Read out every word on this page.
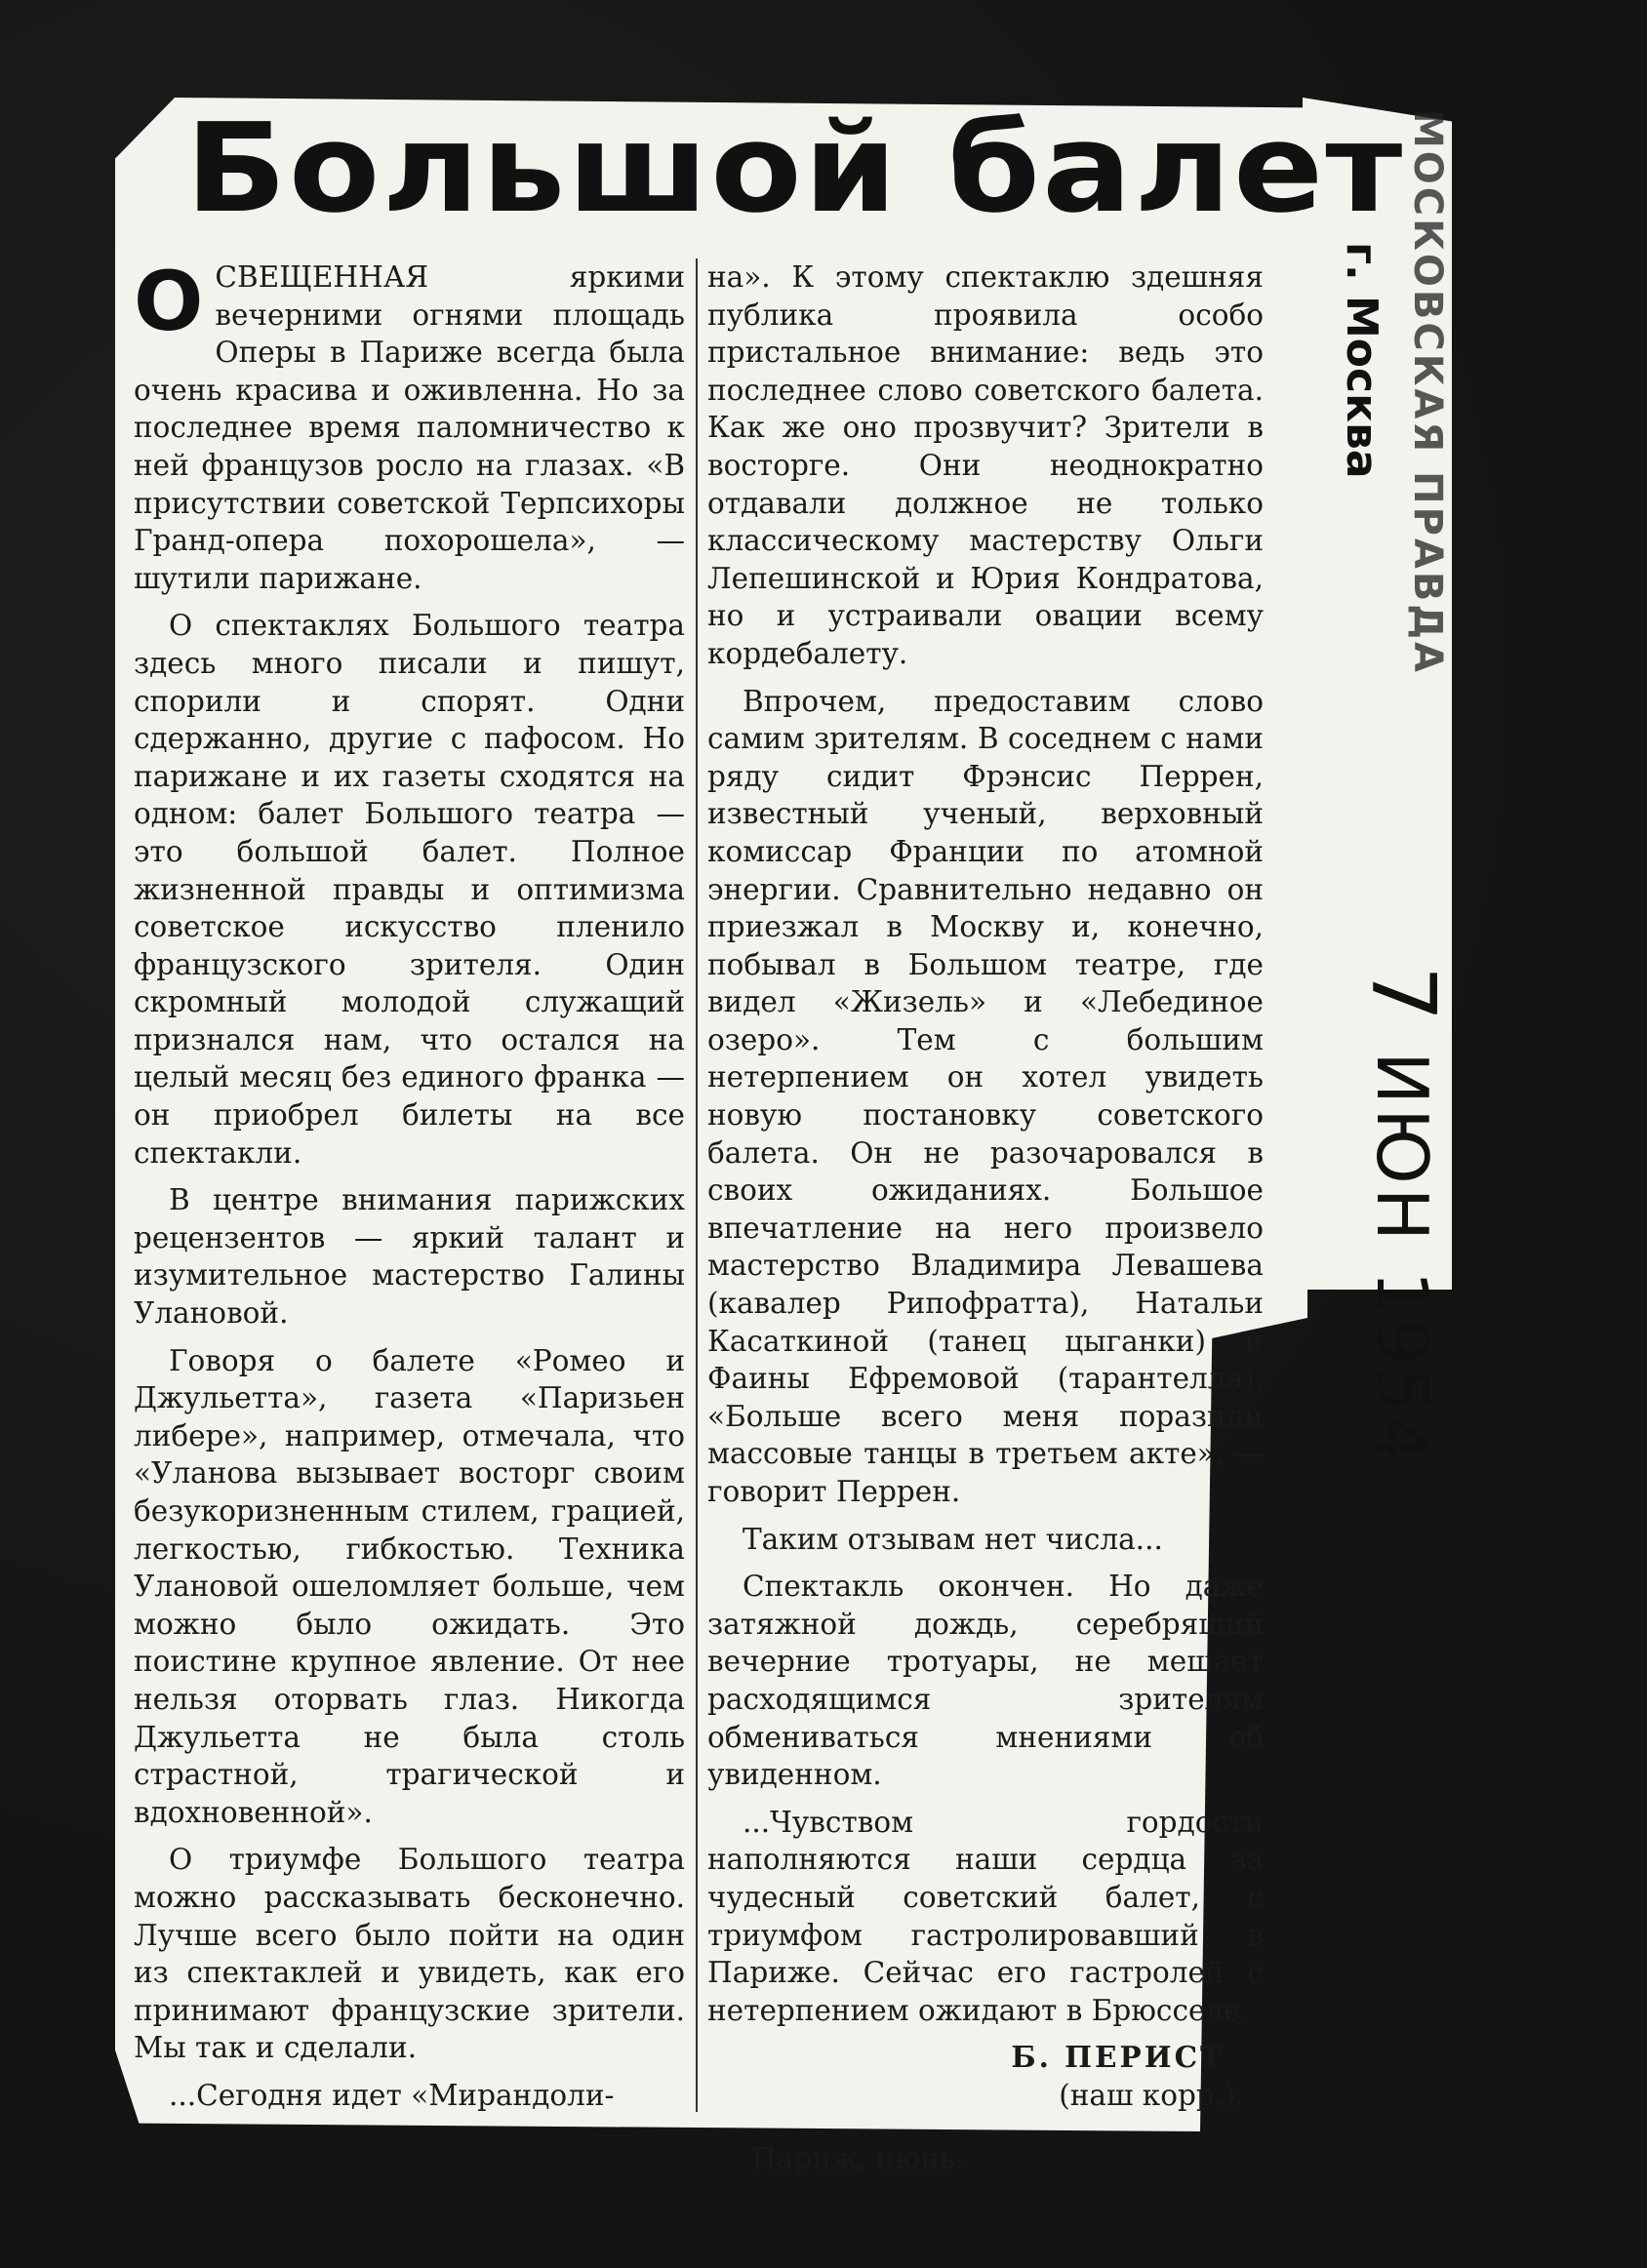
Большой балет МОСКОВСКАЯ ПРАВДА
г. Москва
7 ИЮН 1954

ОСВЕЩЕННАЯ яркими вечерними огнями площадь Оперы в Париже всегда была очень красива и оживленна. Но за последнее время паломничество к ней французов росло на глазах. «В присутствии советской Терпсихоры Гранд-опера похорошела», — шутили парижане.

О спектаклях Большого театра здесь много писали и пишут, спорили и спорят. Одни сдержанно, другие с пафосом. Но парижане и их газеты сходятся на одном: балет Большого театра — это большой балет. Полное жизненной правды и оптимизма советское искусство пленило французского зрителя. Один скромный молодой служащий признался нам, что остался на целый месяц без единого франка — он приобрел билеты на все спектакли.

В центре внимания парижских рецензентов — яркий талант и изумительное мастерство Галины Улановой.

Говоря о балете «Ромео и Джульетта», газета «Паризьен либере», например, отмечала, что «Уланова вызывает восторг своим безукоризненным стилем, грацией, легкостью, гибкостью. Техника Улановой ошеломляет больше, чем можно было ожидать. Это поистине крупное явление. От нее нельзя оторвать глаз. Никогда Джульетта не была столь страстной, трагической и вдохновенной».

О триумфе Большого театра можно рассказывать бесконечно. Лучше всего было пойти на один из спектаклей и увидеть, как его принимают французские зрители. Мы так и сделали.

...Сегодня идет «Мирандоли-

на». К этому спектаклю здешняя публика проявила особо пристальное внимание: ведь это последнее слово советского балета. Как же оно прозвучит? Зрители в восторге. Они неоднократно отдавали должное не только классическому мастерству Ольги Лепешинской и Юрия Кондратова, но и устраивали овации всему кордебалету.

Впрочем, предоставим слово самим зрителям. В соседнем с нами ряду сидит Фрэнсис Перрен, известный ученый, верховный комиссар Франции по атомной энергии. Сравнительно недавно он приезжал в Москву и, конечно, побывал в Большом театре, где видел «Жизель» и «Лебединое озеро». Тем с большим нетерпением он хотел увидеть новую постановку советского балета. Он не разочаровался в своих ожиданиях. Большое впечатление на него произвело мастерство Владимира Левашева (кавалер Рипофратта), Натальи Касаткиной (танец цыганки) и Фаины Ефремовой (тарантелла). «Больше всего меня поразили массовые танцы в третьем акте», — говорит Перрен.

Таким отзывам нет числа...

Спектакль окончен. Но даже затяжной дождь, серебрящий вечерние тротуары, не мешает расходящимся зрителям обмениваться мнениями об увиденном.

...Чувством гордости наполняются наши сердца за чудесный советский балет, с триумфом гастролировавший в Париже. Сейчас его гастролей с нетерпением ожидают в Брюсселе.

Б. ПЕРИСТ
(наш корр.).
Париж, июнь.
